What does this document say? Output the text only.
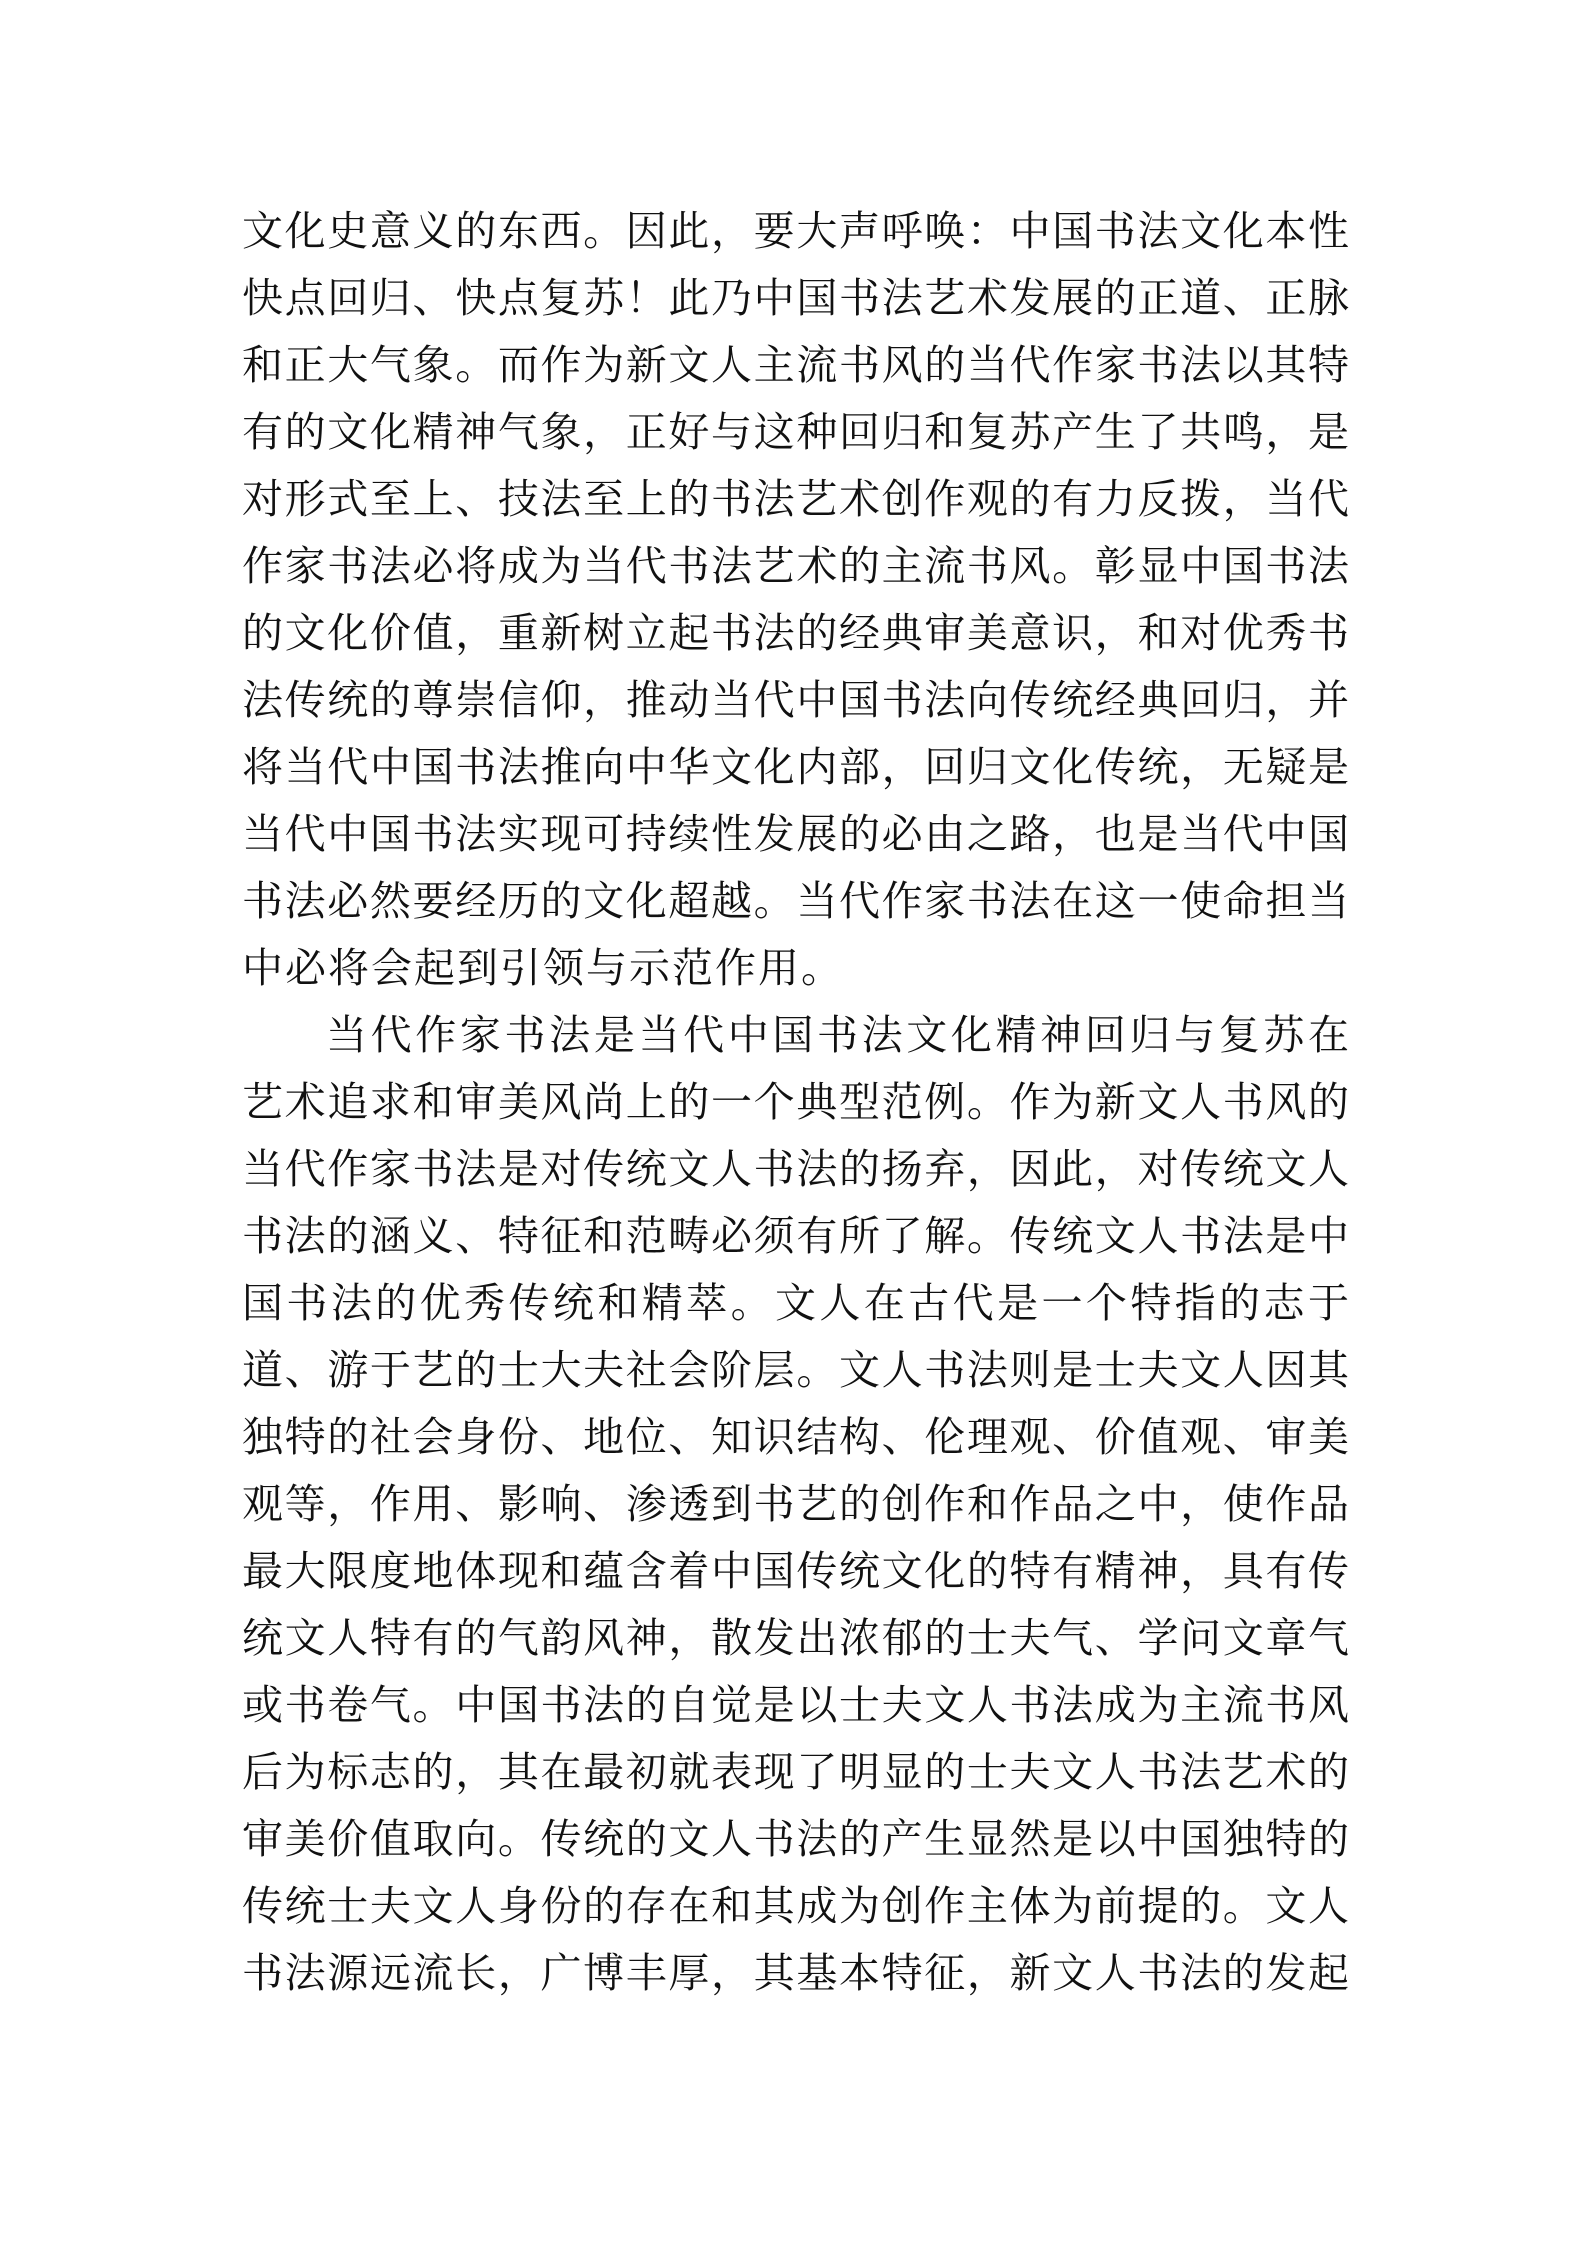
文化史意义的东西。因此，要大声呼唤：中国书法文化本性
快点回归、快点复苏！此乃中国书法艺术发展的正道、正脉
和正大气象。而作为新文人主流书风的当代作家书法以其特
有的文化精神气象，正好与这种回归和复苏产生了共鸣，是
对形式至上、技法至上的书法艺术创作观的有力反拨，当代
作家书法必将成为当代书法艺术的主流书风。彰显中国书法
的文化价值，重新树立起书法的经典审美意识，和对优秀书
法传统的尊崇信仰，推动当代中国书法向传统经典回归，并
将当代中国书法推向中华文化内部，回归文化传统，无疑是
当代中国书法实现可持续性发展的必由之路，也是当代中国
书法必然要经历的文化超越。当代作家书法在这一使命担当
中必将会起到引领与示范作用。
当代作家书法是当代中国书法文化精神回归与复苏在
艺术追求和审美风尚上的一个典型范例。作为新文人书风的
当代作家书法是对传统文人书法的扬弃，因此，对传统文人
书法的涵义、特征和范畴必须有所了解。传统文人书法是中
国书法的优秀传统和精萃。文人在古代是一个特指的志于
道、游于艺的士大夫社会阶层。文人书法则是士夫文人因其
独特的社会身份、地位、知识结构、伦理观、价值观、审美
观等，作用、影响、渗透到书艺的创作和作品之中，使作品
最大限度地体现和蕴含着中国传统文化的特有精神，具有传
统文人特有的气韵风神，散发出浓郁的士夫气、学问文章气
或书卷气。中国书法的自觉是以士夫文人书法成为主流书风
后为标志的，其在最初就表现了明显的士夫文人书法艺术的
审美价值取向。传统的文人书法的产生显然是以中国独特的
传统士夫文人身份的存在和其成为创作主体为前提的。文人
书法源远流长，广博丰厚，其基本特征，新文人书法的发起
